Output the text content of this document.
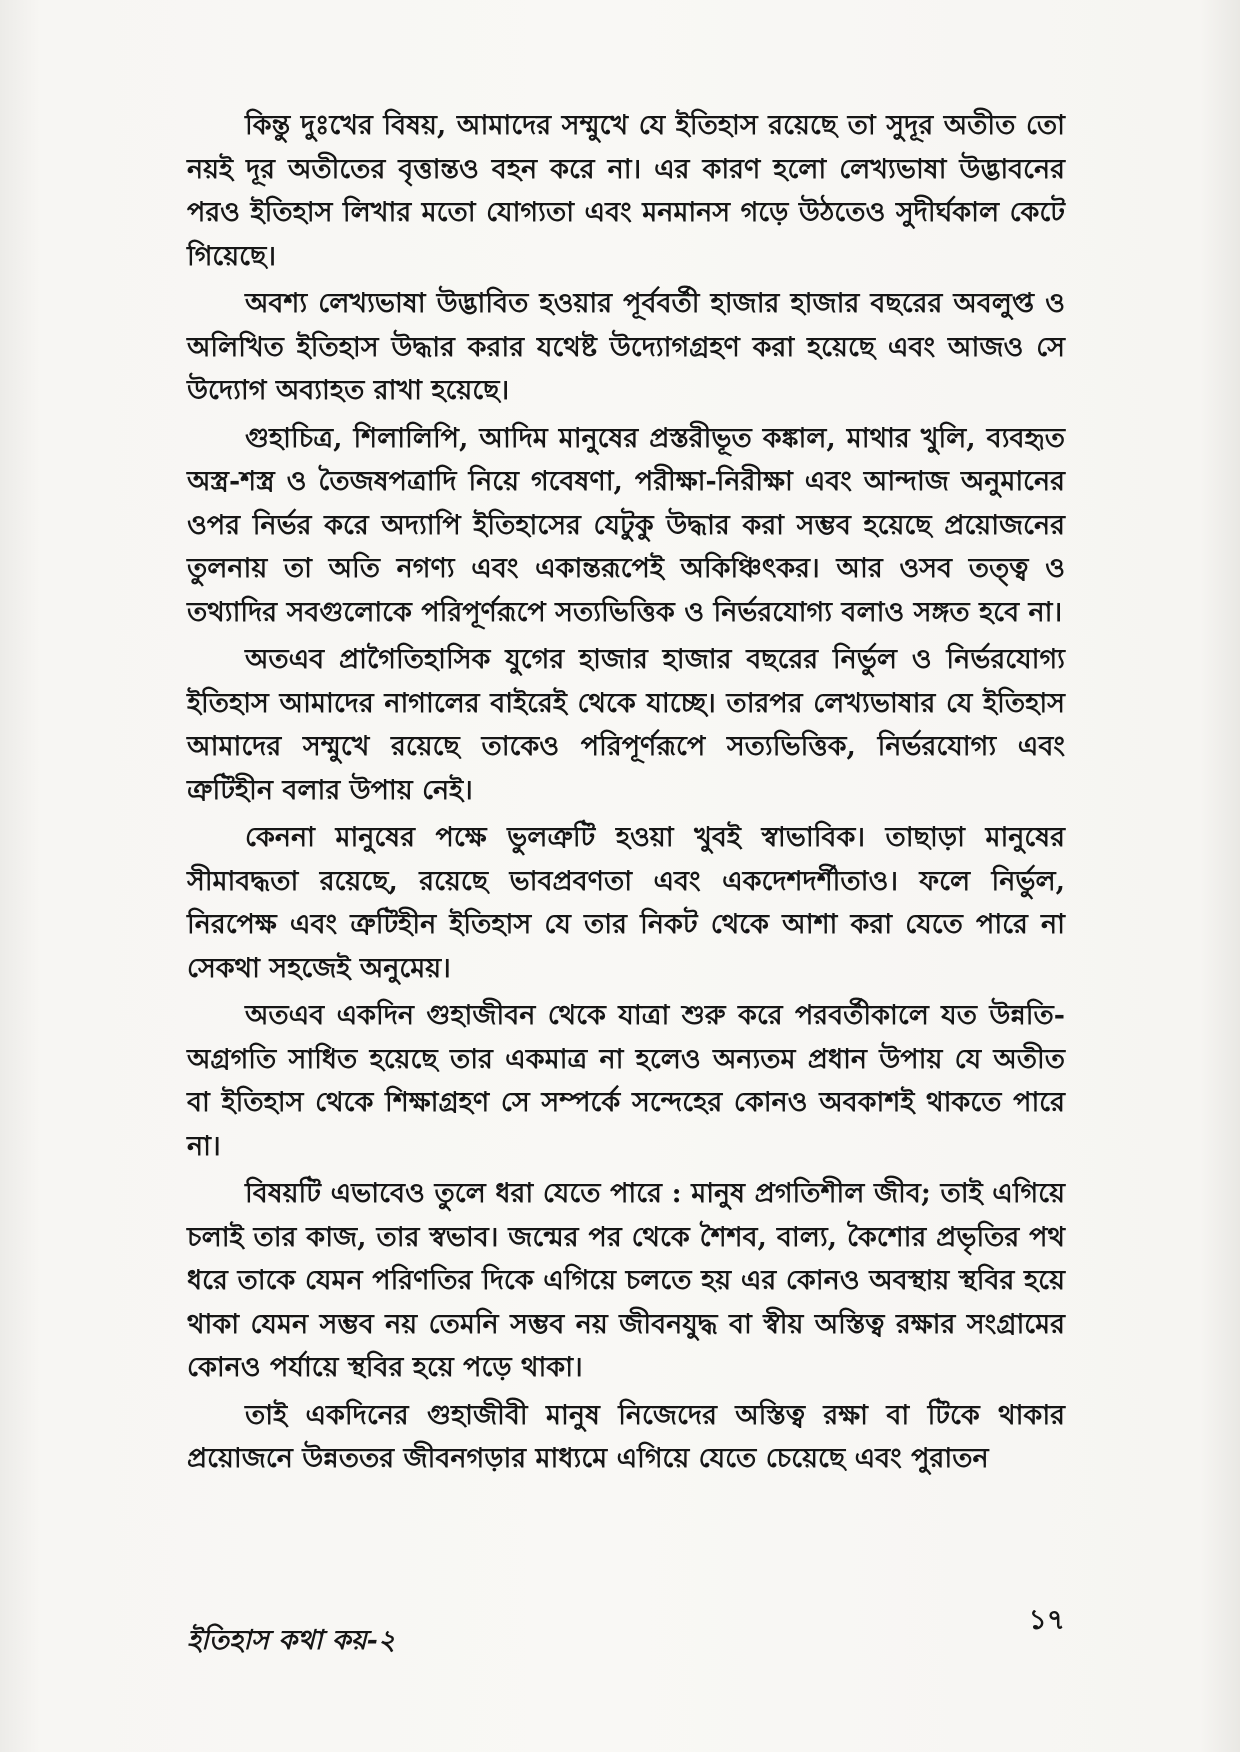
কিন্তু দুঃখের বিষয়, আমাদের সম্মুখে যে ইতিহাস রয়েছে তা সুদূর অতীত তো নয়ই দূর অতীতের বৃত্তান্তও বহন করে না। এর কারণ হলো লেখ্যভাষা উদ্ভাবনের পরও ইতিহাস লিখার মতো যোগ্যতা এবং মনমানস গড়ে উঠতেও সুদীর্ঘকাল কেটে গিয়েছে।

অবশ্য লেখ্যভাষা উদ্ভাবিত হওয়ার পূর্ববর্তী হাজার হাজার বছরের অবলুপ্ত ও অলিখিত ইতিহাস উদ্ধার করার যথেষ্ট উদ্যোগগ্রহণ করা হয়েছে এবং আজও সে উদ্যোগ অব্যাহত রাখা হয়েছে।

গুহাচিত্র, শিলালিপি, আদিম মানুষের প্রস্তরীভূত কঙ্কাল, মাথার খুলি, ব্যবহৃত অস্ত্র-শস্ত্র ও তৈজষপত্রাদি নিয়ে গবেষণা, পরীক্ষা-নিরীক্ষা এবং আন্দাজ অনুমানের ওপর নির্ভর করে অদ্যাপি ইতিহাসের যেটুকু উদ্ধার করা সম্ভব হয়েছে প্রয়োজনের তুলনায় তা অতি নগণ্য এবং একান্তরূপেই অকিঞ্চিৎকর। আর ওসব তত্ত্ব ও তথ্যাদির সবগুলোকে পরিপূর্ণরূপে সত্যভিত্তিক ও নির্ভরযোগ্য বলাও সঙ্গত হবে না।

অতএব প্রাগৈতিহাসিক যুগের হাজার হাজার বছরের নির্ভুল ও নির্ভরযোগ্য ইতিহাস আমাদের নাগালের বাইরেই থেকে যাচ্ছে। তারপর লেখ্যভাষার যে ইতিহাস আমাদের সম্মুখে রয়েছে তাকেও পরিপূর্ণরূপে সত্যভিত্তিক, নির্ভরযোগ্য এবং ত্রুটিহীন বলার উপায় নেই।

কেননা মানুষের পক্ষে ভুলত্রুটি হওয়া খুবই স্বাভাবিক। তাছাড়া মানুষের সীমাবদ্ধতা রয়েছে, রয়েছে ভাবপ্রবণতা এবং একদেশদর্শীতাও। ফলে নির্ভুল, নিরপেক্ষ এবং ত্রুটিহীন ইতিহাস যে তার নিকট থেকে আশা করা যেতে পারে না সেকথা সহজেই অনুমেয়।

অতএব একদিন গুহাজীবন থেকে যাত্রা শুরু করে পরবর্তীকালে যত উন্নতি-অগ্রগতি সাধিত হয়েছে তার একমাত্র না হলেও অন্যতম প্রধান উপায় যে অতীত বা ইতিহাস থেকে শিক্ষাগ্রহণ সে সম্পর্কে সন্দেহের কোনও অবকাশই থাকতে পারে না।

বিষয়টি এভাবেও তুলে ধরা যেতে পারে : মানুষ প্রগতিশীল জীব; তাই এগিয়ে চলাই তার কাজ, তার স্বভাব। জন্মের পর থেকে শৈশব, বাল্য, কৈশোর প্রভৃতির পথ ধরে তাকে যেমন পরিণতির দিকে এগিয়ে চলতে হয় এর কোনও অবস্থায় স্থবির হয়ে থাকা যেমন সম্ভব নয় তেমনি সম্ভব নয় জীবনযুদ্ধ বা স্বীয় অস্তিত্ব রক্ষার সংগ্রামের কোনও পর্যায়ে স্থবির হয়ে পড়ে থাকা।

তাই একদিনের গুহাজীবী মানুষ নিজেদের অস্তিত্ব রক্ষা বা টিকে থাকার প্রয়োজনে উন্নততর জীবনগড়ার মাধ্যমে এগিয়ে যেতে চেয়েছে এবং পুরাতন

১৭
ইতিহাস কথা কয়-২
